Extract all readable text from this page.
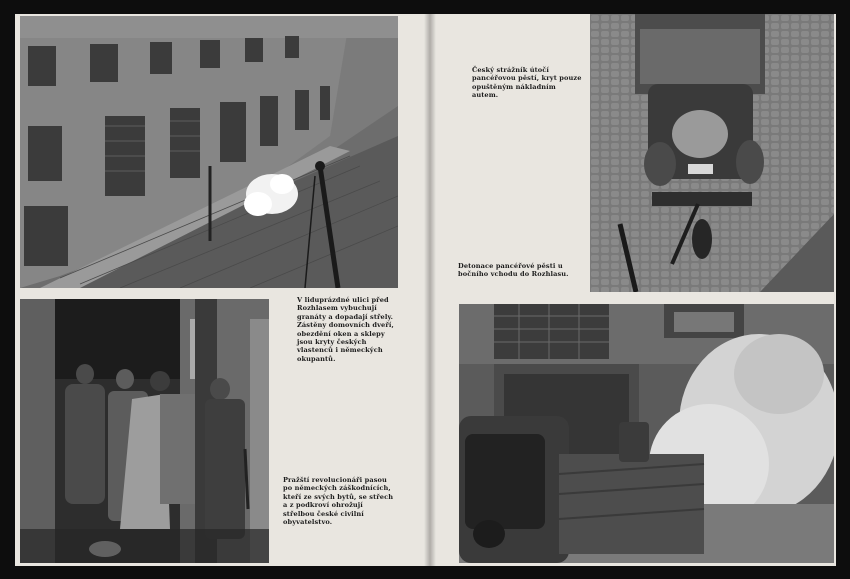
V liduprázdné ulici před Rozhlasem vybuchují granáty a dopadají střely. Zástěny domovních dveří, obezdění oken a sklepy jsou kryty českých vlastenců i německých okupantů.

Pražští revolucionáři pasou po německých záškodnících, kteří ze svých bytů, se střech a z podkroví ohrožují střelbou české civilní obyvatelstvo.

Český strážník útočí pancéřovou pěstí, kryt pouze opuštěným nákladním autem.

Detonace pancéřové pěsti u bočního vchodu do Rozhlasu.
